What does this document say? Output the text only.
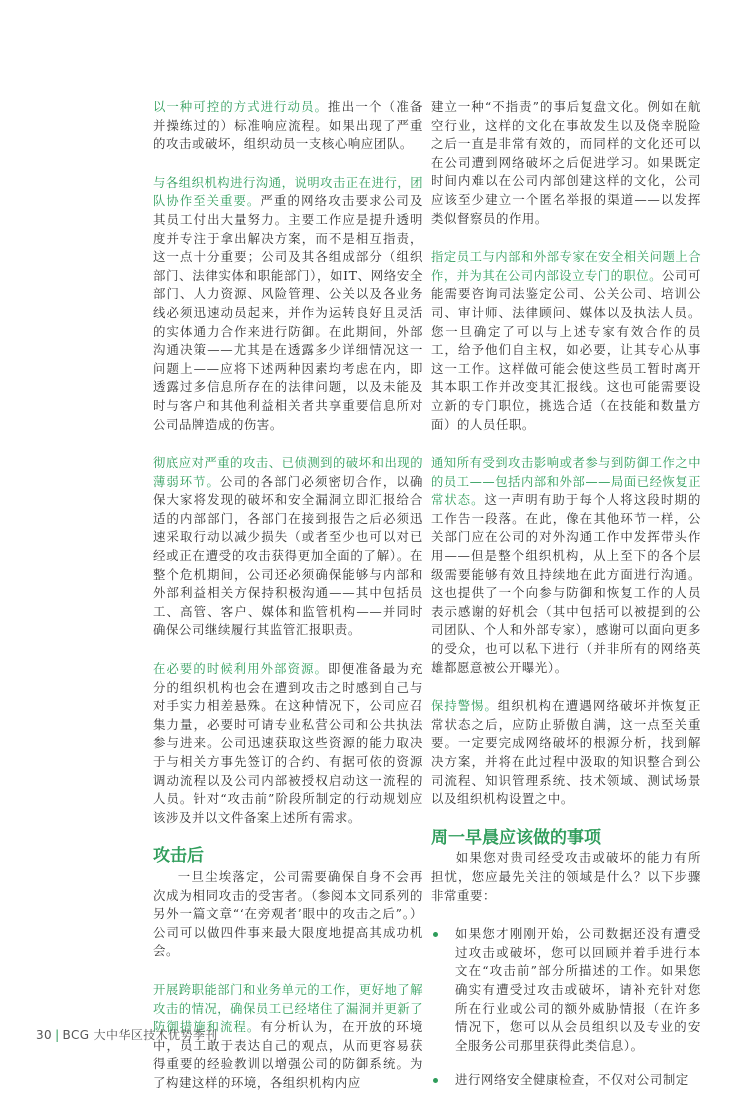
以一种可控的方式进行动员。推出一个（准备并操练过的）标准响应流程。如果出现了严重的攻击或破坏，组织动员一支核心响应团队。

与各组织机构进行沟通，说明攻击正在进行，团队协作至关重要。严重的网络攻击要求公司及其员工付出大量努力。主要工作应是提升透明度并专注于拿出解决方案，而不是相互指责，这一点十分重要；公司及其各组成部分（组织部门、法律实体和职能部门），如IT、网络安全部门、人力资源、风险管理、公关以及各业务线必须迅速动员起来，并作为运转良好且灵活的实体通力合作来进行防御。在此期间，外部沟通决策——尤其是在透露多少详细情况这一问题上——应将下述两种因素均考虑在内，即透露过多信息所存在的法律问题，以及未能及时与客户和其他利益相关者共享重要信息所对公司品牌造成的伤害。

彻底应对严重的攻击、已侦测到的破坏和出现的薄弱环节。公司的各部门必须密切合作，以确保大家将发现的破坏和安全漏洞立即汇报给合适的内部部门，各部门在接到报告之后必须迅速采取行动以减少损失（或者至少也可以对已经或正在遭受的攻击获得更加全面的了解）。在整个危机期间，公司还必须确保能够与内部和外部利益相关方保持积极沟通——其中包括员工、高管、客户、媒体和监管机构——并同时确保公司继续履行其监管汇报职责。

在必要的时候利用外部资源。即便准备最为充分的组织机构也会在遭到攻击之时感到自己与对手实力相差悬殊。在这种情况下，公司应召集力量，必要时可请专业私营公司和公共执法参与进来。公司迅速获取这些资源的能力取决于与相关方事先签订的合约、有据可依的资源调动流程以及公司内部被授权启动这一流程的人员。针对“攻击前”阶段所制定的行动规划应该涉及并以文件备案上述所有需求。

攻击后

一旦尘埃落定，公司需要确保自身不会再次成为相同攻击的受害者。（参阅本文同系列的另外一篇文章“‘在旁观者’眼中的攻击之后”。）公司可以做四件事来最大限度地提高其成功机会。

开展跨职能部门和业务单元的工作，更好地了解攻击的情况，确保员工已经堵住了漏洞并更新了防御措施和流程。有分析认为，在开放的环境中，员工敢于表达自己的观点，从而更容易获得重要的经验教训以增强公司的防御系统。为了构建这样的环境，各组织机构内应

建立一种“不指责”的事后复盘文化。例如在航空行业，这样的文化在事故发生以及侥幸脱险之后一直是非常有效的，而同样的文化还可以在公司遭到网络破坏之后促进学习。如果既定时间内难以在公司内部创建这样的文化，公司应该至少建立一个匿名举报的渠道——以发挥类似督察员的作用。

指定员工与内部和外部专家在安全相关问题上合作，并为其在公司内部设立专门的职位。公司可能需要咨询司法鉴定公司、公关公司、培训公司、审计师、法律顾问、媒体以及执法人员。您一旦确定了可以与上述专家有效合作的员工，给予他们自主权，如必要，让其专心从事这一工作。这样做可能会使这些员工暂时离开其本职工作并改变其汇报线。这也可能需要设立新的专门职位，挑选合适（在技能和数量方面）的人员任职。

通知所有受到攻击影响或者参与到防御工作之中的员工——包括内部和外部——局面已经恢复正常状态。这一声明有助于每个人将这段时期的工作告一段落。在此，像在其他环节一样，公关部门应在公司的对外沟通工作中发挥带头作用——但是整个组织机构，从上至下的各个层级需要能够有效且持续地在此方面进行沟通。这也提供了一个向参与防御和恢复工作的人员表示感谢的好机会（其中包括可以被提到的公司团队、个人和外部专家），感谢可以面向更多的受众，也可以私下进行（并非所有的网络英雄都愿意被公开曝光）。

保持警惕。组织机构在遭遇网络破坏并恢复正常状态之后，应防止骄傲自满，这一点至关重要。一定要完成网络破坏的根源分析，找到解决方案，并将在此过程中汲取的知识整合到公司流程、知识管理系统、技术领域、测试场景以及组织机构设置之中。

周一早晨应该做的事项

如果您对贵司经受攻击或破坏的能力有所担忧，您应最先关注的领域是什么？以下步骤非常重要：

如果您才刚刚开始，公司数据还没有遭受过攻击或破坏，您可以回顾并着手进行本文在“攻击前”部分所描述的工作。如果您确实有遭受过攻击或破坏，请补充针对您所在行业或公司的额外威胁情报（在许多情况下，您可以从会员组织以及专业的安全服务公司那里获得此类信息）。
进行网络安全健康检查，不仅对公司制定
30 | BCG 大中华区技术优势季刊
